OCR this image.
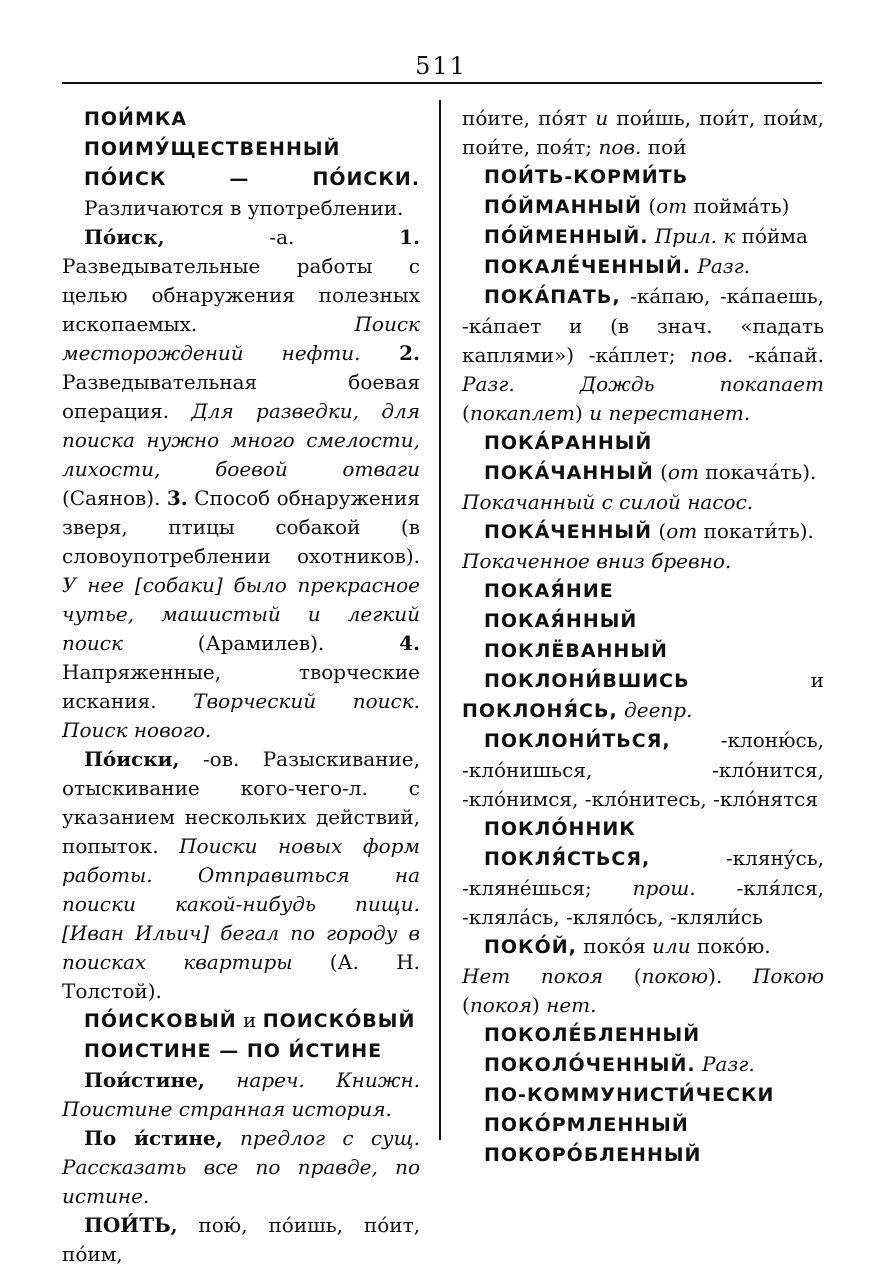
511

ПОИ́МКА

ПОИМУ́ЩЕСТВЕННЫЙ

ПО́ИСК — ПО́ИСКИ. Различаются в употреблении.

По́иск, -а. 1. Разведывательные работы с целью обнаружения полезных ископаемых. Поиск месторождений нефти. 2. Разведывательная боевая операция. Для разведки, для поиска нужно много смелости, лихости, боевой отваги (Саянов). 3. Способ обнаружения зверя, птицы собакой (в словоупотреблении охотников). У нее [собаки] было прекрасное чутье, машистый и легкий поиск (Арамилев). 4. Напряженные, творческие искания. Творческий поиск. Поиск нового.

По́иски, -ов. Разыскивание, отыскивание кого-чего-л. с указанием нескольких действий, попыток. Поиски новых форм работы. Отправиться на поиски какой-нибудь пищи. [Иван Ильич] бегал по городу в поисках квартиры (А. Н. Толстой).

ПО́ИСКОВЫЙ и ПОИСКО́ВЫЙ

ПОИСТИНЕ — ПО И́СТИНЕ

Пои́стине, нареч. Книжн. Поистине странная история.

По и́стине, предлог с сущ. Рассказать все по правде, по истине.

ПОИ́ТЬ, пою́, по́ишь, по́ит, по́им,

по́ите, по́ят и пои́шь, пои́т, пои́м, пои́те, поя́т; пов. пои́

ПОИ́ТЬ-КОРМИ́ТЬ

ПО́ЙМАННЫЙ (от пойма́ть)

ПО́ЙМЕННЫЙ. Прил. к по́йма

ПОКАЛЕ́ЧЕННЫЙ. Разг.

ПОКА́ПАТЬ, -ка́паю, -ка́паешь, -ка́пает и (в знач. «падать каплями») -ка́плет; пов. -ка́пай. Разг. Дождь покапает (покаплет) и перестанет.

ПОКА́РАННЫЙ

ПОКА́ЧАННЫЙ (от покача́ть).
Покачанный с силой насос.

ПОКА́ЧЕННЫЙ (от покати́ть).
Покаченное вниз бревно.

ПОКАЯ́НИЕ

ПОКАЯ́ННЫЙ

ПОКЛЁВАННЫЙ

ПОКЛОНИ́ВШИСЬ и ПОКЛОНЯ́СЬ, деепр.

ПОКЛОНИ́ТЬСЯ, -клоню́сь, -кло́нишься, -кло́нится, -кло́нимся, -кло́нитесь, -кло́нятся

ПОКЛО́ННИК

ПОКЛЯ́СТЬСЯ, -кляну́сь, -кляне́шься; прош. -кля́лся, -кляла́сь, -кляло́сь, -кляли́сь

ПОКО́Й, поко́я или поко́ю.
Нет покоя (покою). Покою (покоя) нет.

ПОКОЛЕ́БЛЕННЫЙ

ПОКОЛО́ЧЕННЫЙ. Разг.

ПО-КОММУНИСТИ́ЧЕСКИ

ПОКО́РМЛЕННЫЙ

ПОКОРО́БЛЕННЫЙ
